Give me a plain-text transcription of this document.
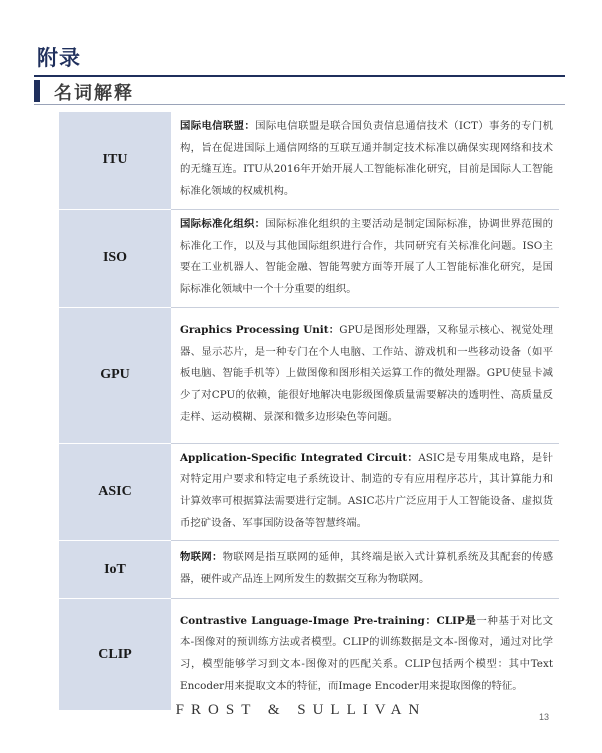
附录
名词解释
ITU	国际电信联盟：国际电信联盟是联合国负责信息通信技术（ICT）事务的专门机构，旨在促进国际上通信网络的互联互通并制定技术标准以确保实现网络和技术的无缝互连。ITU从2016年开始开展人工智能标准化研究，目前是国际人工智能标准化领域的权威机构。
ISO	国际标准化组织：国际标准化组织的主要活动是制定国际标准，协调世界范围的标准化工作，以及与其他国际组织进行合作，共同研究有关标准化问题。ISO主要在工业机器人、智能金融、智能驾驶方面等开展了人工智能标准化研究，是国际标准化领域中一个十分重要的组织。
GPU	Graphics Processing Unit：GPU是图形处理器，又称显示核心、视觉处理器、显示芯片，是一种专门在个人电脑、工作站、游戏机和一些移动设备（如平板电脑、智能手机等）上做图像和图形相关运算工作的微处理器。GPU使显卡减少了对CPU的依赖，能很好地解决电影级图像质量需要解决的透明性、高质量反走样、运动模糊、景深和微多边形染色等问题。
ASIC	Application-Specific Integrated Circuit：ASIC是专用集成电路，是针对特定用户要求和特定电子系统设计、制造的专有应用程序芯片，其计算能力和计算效率可根据算法需要进行定制。ASIC芯片广泛应用于人工智能设备、虚拟货币挖矿设备、军事国防设备等智慧终端。
IoT	物联网：物联网是指互联网的延伸，其终端是嵌入式计算机系统及其配套的传感器，硬件或产品连上网所发生的数据交互称为物联网。
CLIP	Contrastive Language-Image Pre-training：CLIP是一种基于对比文本-图像对的预训练方法或者模型。CLIP的训练数据是文本-图像对，通过对比学习，模型能够学习到文本-图像对的匹配关系。CLIP包括两个模型：其中Text Encoder用来提取文本的特征，而Image Encoder用来提取图像的特征。

FROST & SULLIVAN	13
